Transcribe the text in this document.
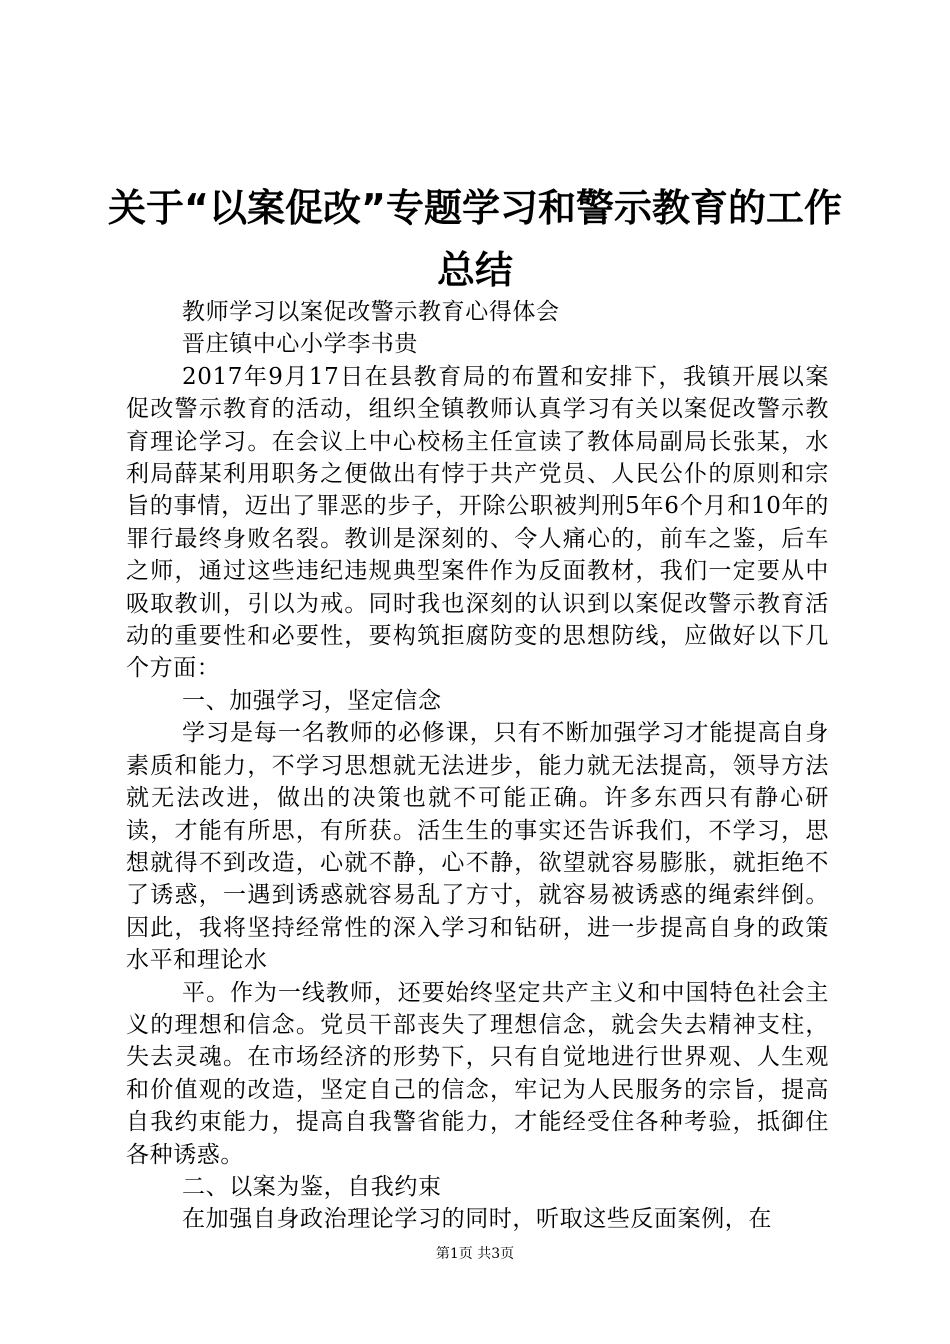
关于“以案促改”专题学习和警示教育的工作
总结

教师学习以案促改警示教育心得体会

晋庄镇中心小学李书贵

2017年9月17日在县教育局的布置和安排下，我镇开展以案促改警示教育的活动，组织全镇教师认真学习有关以案促改警示教育理论学习。在会议上中心校杨主任宣读了教体局副局长张某，水利局薛某利用职务之便做出有悖于共产党员、人民公仆的原则和宗旨的事情，迈出了罪恶的步子，开除公职被判刑5年6个月和10年的罪行最终身败名裂。教训是深刻的、令人痛心的，前车之鉴，后车之师，通过这些违纪违规典型案件作为反面教材，我们一定要从中吸取教训，引以为戒。同时我也深刻的认识到以案促改警示教育活动的重要性和必要性，要构筑拒腐防变的思想防线，应做好以下几个方面：

一、加强学习，坚定信念

学习是每一名教师的必修课，只有不断加强学习才能提高自身素质和能力，不学习思想就无法进步，能力就无法提高，领导方法就无法改进，做出的决策也就不可能正确。许多东西只有静心研读，才能有所思，有所获。活生生的事实还告诉我们，不学习，思想就得不到改造，心就不静，心不静，欲望就容易膨胀，就拒绝不了诱惑，一遇到诱惑就容易乱了方寸，就容易被诱惑的绳索绊倒。因此，我将坚持经常性的深入学习和钻研，进一步提高自身的政策水平和理论水

平。作为一线教师，还要始终坚定共产主义和中国特色社会主义的理想和信念。党员干部丧失了理想信念，就会失去精神支柱，失去灵魂。在市场经济的形势下，只有自觉地进行世界观、人生观和价值观的改造，坚定自己的信念，牢记为人民服务的宗旨，提高自我约束能力，提高自我警省能力，才能经受住各种考验，抵御住各种诱惑。

二、以案为鉴，自我约束

在加强自身政治理论学习的同时，听取这些反面案例，在

第1页 共3页
